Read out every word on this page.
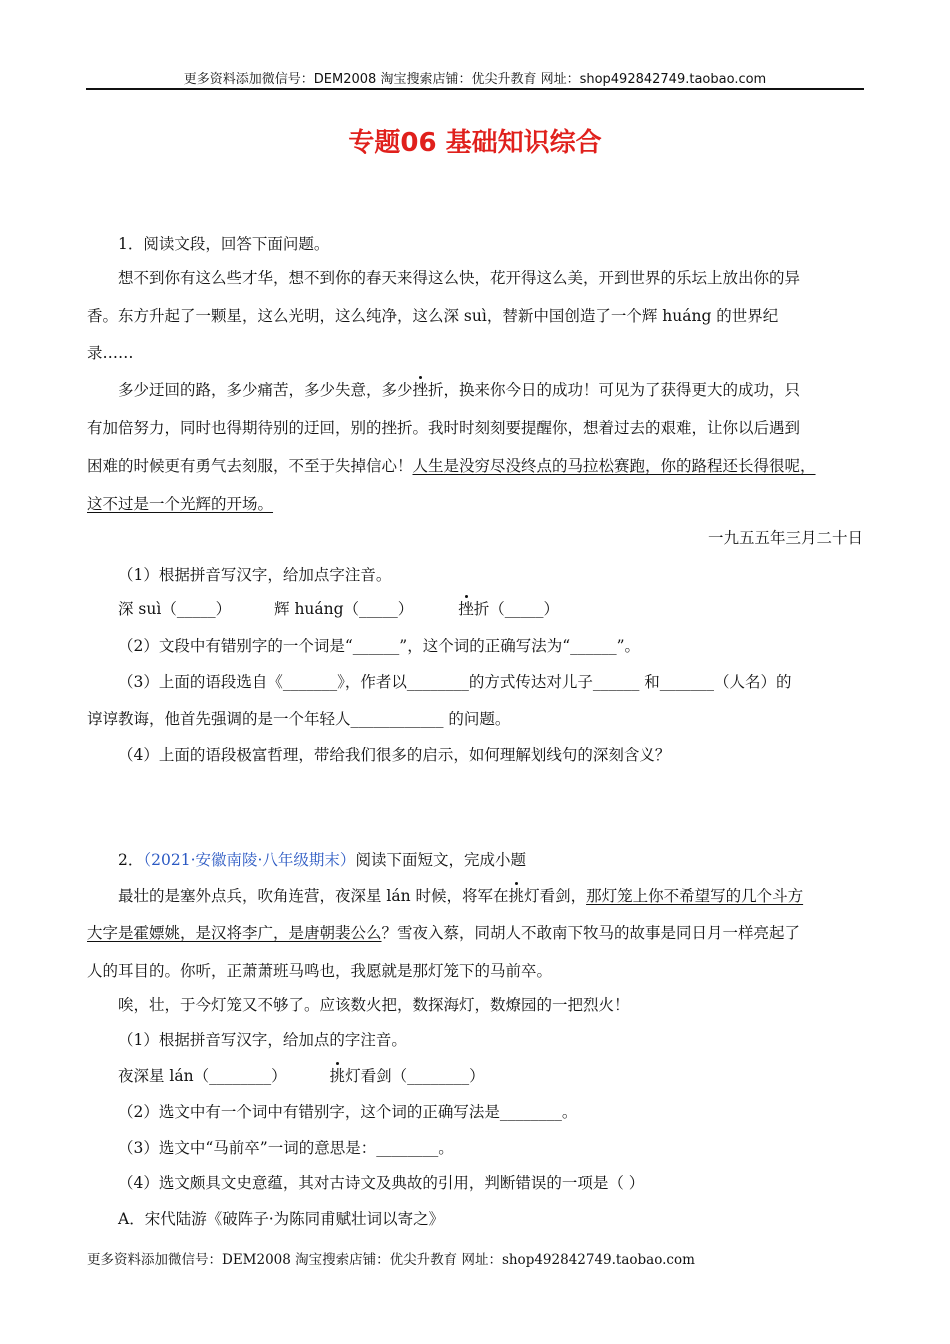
更多资料添加微信号：DEM2008 淘宝搜索店铺：优尖升教育 网址：shop492842749.taobao.com
专题06 基础知识综合
1．阅读文段，回答下面问题。
想不到你有这么些才华，想不到你的春天来得这么快，花开得这么美，开到世界的乐坛上放出你的异
香。东方升起了一颗星，这么光明，这么纯净，这么深 suì，替新中国创造了一个辉 huáng 的世界纪
录……
多少迂回的路，多少痛苦，多少失意，多少挫折，换来你今日的成功！可见为了获得更大的成功，只
有加倍努力，同时也得期待别的迂回，别的挫折。我时时刻刻要提醒你，想着过去的艰难，让你以后遇到
困难的时候更有勇气去刻服，不至于失掉信心！人生是没穷尽没终点的马拉松赛跑，你的路程还长得很呢，
这不过是一个光辉的开场。
一九五五年三月二十日
（1）根据拼音写汉字，给加点字注音。
深 suì（_____）	辉 huáng（_____）	挫折（_____）
（2）文段中有错别字的一个词是“______”，这个词的正确写法为“______”。
（3）上面的语段选自《_______》，作者以________的方式传达对儿子______ 和_______（人名）的
谆谆教诲，他首先强调的是一个年轻人____________ 的问题。
（4）上面的语段极富哲理，带给我们很多的启示，如何理解划线句的深刻含义？
2．（2021·安徽南陵·八年级期末）阅读下面短文，完成小题
最壮的是塞外点兵，吹角连营，夜深星 lán 时候，将军在挑灯看剑，那灯笼上你不希望写的几个斗方
大字是霍嫖姚，是汉将李广，是唐朝裴公么？雪夜入蔡，同胡人不敢南下牧马的故事是同日月一样亮起了
人的耳目的。你听，正萧萧班马鸣也，我愿就是那灯笼下的马前卒。
唉，壮，于今灯笼又不够了。应该数火把，数探海灯，数燎园的一把烈火！
（1）根据拼音写汉字，给加点的字注音。
夜深星 lán（________）	挑灯看剑（________）
（2）选文中有一个词中有错别字，这个词的正确写法是________。
（3）选文中“马前卒”一词的意思是：________。
（4）选文颇具文史意蕴，其对古诗文及典故的引用，判断错误的一项是（ ）
A．宋代陆游《破阵子·为陈同甫赋壮词以寄之》
更多资料添加微信号：DEM2008 淘宝搜索店铺：优尖升教育 网址：shop492842749.taobao.com
